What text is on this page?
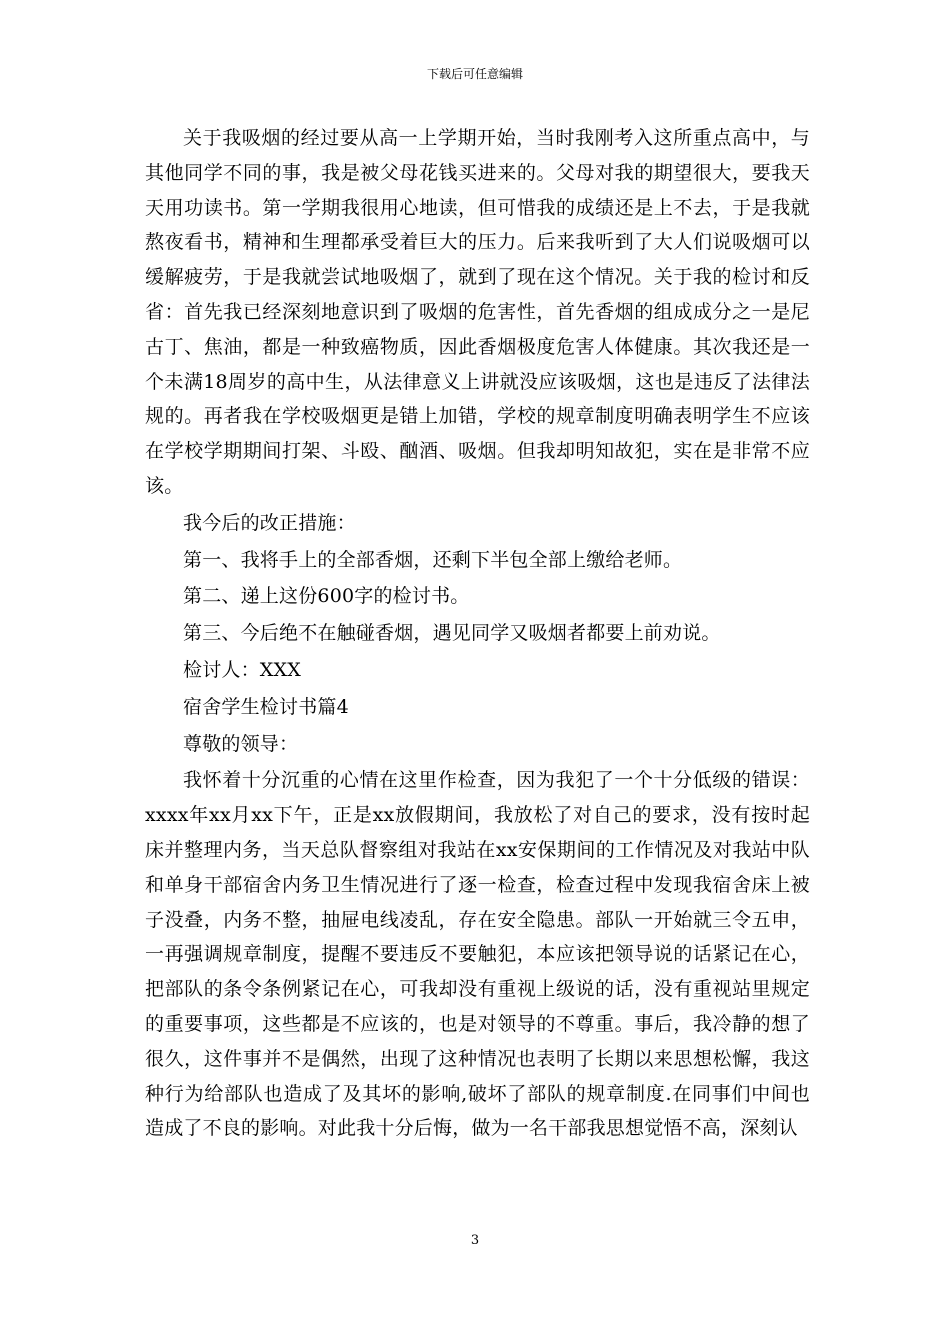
下载后可任意编辑

关于我吸烟的经过要从高一上学期开始，当时我刚考入这所重点高中，与其他同学不同的事，我是被父母花钱买进来的。父母对我的期望很大，要我天天用功读书。第一学期我很用心地读，但可惜我的成绩还是上不去，于是我就熬夜看书，精神和生理都承受着巨大的压力。后来我听到了大人们说吸烟可以缓解疲劳，于是我就尝试地吸烟了，就到了现在这个情况。关于我的检讨和反省：首先我已经深刻地意识到了吸烟的危害性，首先香烟的组成成分之一是尼古丁、焦油，都是一种致癌物质，因此香烟极度危害人体健康。其次我还是一个未满18周岁的高中生，从法律意义上讲就没应该吸烟，这也是违反了法律法规的。再者我在学校吸烟更是错上加错，学校的规章制度明确表明学生不应该在学校学期期间打架、斗殴、酗酒、吸烟。但我却明知故犯，实在是非常不应该。

我今后的改正措施：

第一、我将手上的全部香烟，还剩下半包全部上缴给老师。

第二、递上这份600字的检讨书。

第三、今后绝不在触碰香烟，遇见同学又吸烟者都要上前劝说。

检讨人：XXX

宿舍学生检讨书篇4

尊敬的领导：

我怀着十分沉重的心情在这里作检查，因为我犯了一个十分低级的错误：xxxx年xx月xx下午，正是xx放假期间，我放松了对自己的要求，没有按时起床并整理内务，当天总队督察组对我站在xx安保期间的工作情况及对我站中队和单身干部宿舍内务卫生情况进行了逐一检查，检查过程中发现我宿舍床上被子没叠，内务不整，抽屉电线凌乱，存在安全隐患。部队一开始就三令五申，一再强调规章制度，提醒不要违反不要触犯，本应该把领导说的话紧记在心，把部队的条令条例紧记在心，可我却没有重视上级说的话，没有重视站里规定的重要事项，这些都是不应该的，也是对领导的不尊重。事后，我冷静的想了很久，这件事并不是偶然，出现了这种情况也表明了长期以来思想松懈，我这种行为给部队也造成了及其坏的影响,破坏了部队的规章制度.在同事们中间也造成了不良的影响。对此我十分后悔，做为一名干部我思想觉悟不高，深刻认

3
